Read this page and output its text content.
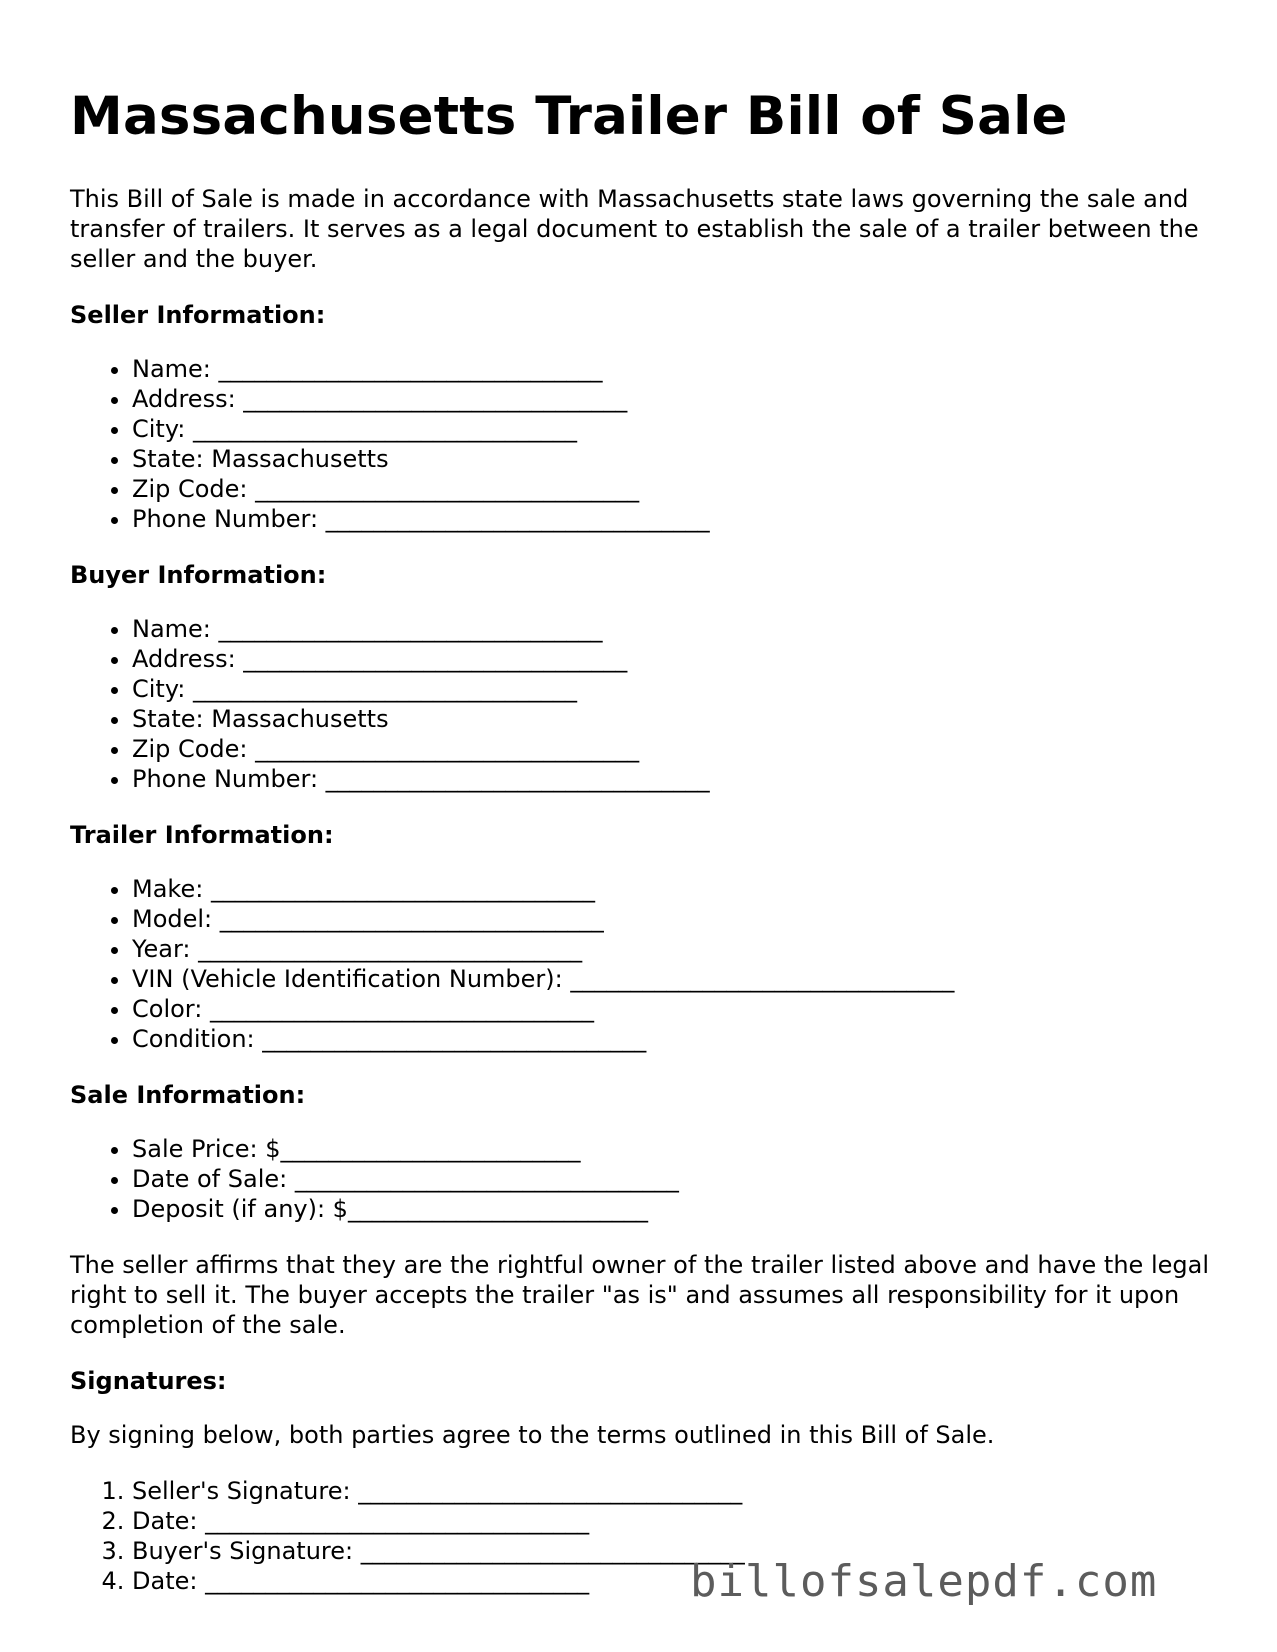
Massachusetts Trailer Bill of Sale

This Bill of Sale is made in accordance with Massachusetts state laws governing the sale and transfer of trailers. It serves as a legal document to establish the sale of a trailer between the seller and the buyer.

Seller Information:
• Name: ________________________________
• Address: ________________________________
• City: ________________________________
• State: Massachusetts
• Zip Code: ________________________________
• Phone Number: ________________________________
Buyer Information:
• Name: ________________________________
• Address: ________________________________
• City: ________________________________
• State: Massachusetts
• Zip Code: ________________________________
• Phone Number: ________________________________
Trailer Information:
• Make: ________________________________
• Model: ________________________________
• Year: ________________________________
• VIN (Vehicle Identification Number): ________________________________
• Color: ________________________________
• Condition: ________________________________
Sale Information:
• Sale Price: $_________________________
• Date of Sale: ________________________________
• Deposit (if any): $_________________________

The seller affirms that they are the rightful owner of the trailer listed above and have the legal right to sell it. The buyer accepts the trailer "as is" and assumes all responsibility for it upon completion of the sale.

Signatures:

By signing below, both parties agree to the terms outlined in this Bill of Sale.

1. Seller's Signature: ________________________________
2. Date: ________________________________
3. Buyer's Signature: ________________________________
4. Date: ________________________________	billofsalepdf.com
